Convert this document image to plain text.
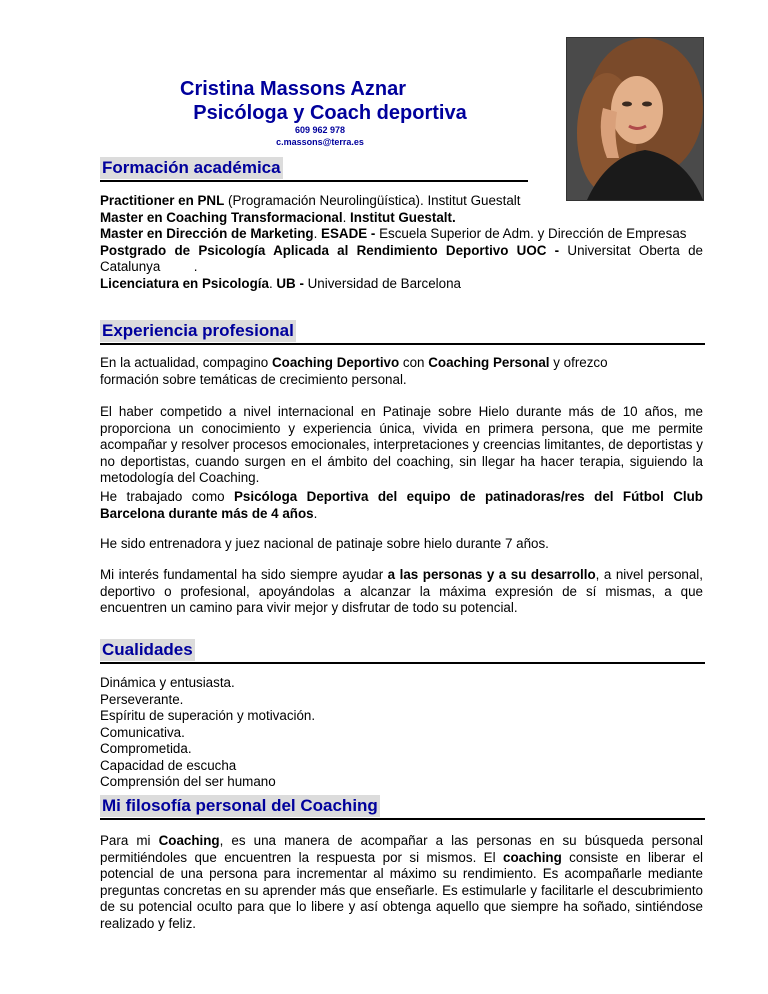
Cristina Massons Aznar
Psicóloga y Coach deportiva
609 962 978
c.massons@terra.es
Formación académica

Practitioner en PNL (Programación Neurolingüística). Institut Guestalt

Master en Coaching Transformacional. Institut Guestalt.

Master en Dirección de Marketing. ESADE - Escuela Superior de Adm. y Dirección de Empresas

Postgrado de Psicología Aplicada al Rendimiento Deportivo UOC - Universitat Oberta de Catalunya         .

Licenciatura en Psicología. UB - Universidad de Barcelona

Experiencia profesional

En la actualidad, compagino Coaching Deportivo con Coaching Personal y ofrezco formación sobre temáticas de crecimiento personal.

El haber competido a nivel internacional en Patinaje sobre Hielo durante más de 10 años, me proporciona un conocimiento y experiencia única, vivida en primera persona, que me permite acompañar y resolver procesos emocionales, interpretaciones y creencias limitantes, de deportistas y no deportistas, cuando surgen en el ámbito del coaching, sin llegar ha hacer terapia, siguiendo la metodología del Coaching.

He trabajado como Psicóloga Deportiva del equipo de patinadoras/res del Fútbol Club Barcelona durante más de 4 años.

He sido entrenadora y juez nacional de patinaje sobre hielo durante 7 años.

Mi interés fundamental ha sido siempre ayudar a las personas y a su desarrollo, a nivel personal, deportivo o profesional, apoyándolas a alcanzar la máxima expresión de sí mismas, a que encuentren un camino para vivir mejor y disfrutar de todo su potencial.

Cualidades

Dinámica y entusiasta.

Perseverante.

Espíritu de superación y motivación.

Comunicativa.

Comprometida.

Capacidad de escucha

Comprensión del ser humano

Mi filosofía personal del Coaching

Para mi Coaching, es una manera de acompañar a las personas en su búsqueda personal permitiéndoles que encuentren la respuesta por si mismos. El coaching consiste en liberar el potencial de una persona para incrementar al máximo su rendimiento. Es acompañarle mediante preguntas concretas en su aprender más que enseñarle. Es estimularle y facilitarle el descubrimiento de su potencial oculto para que lo libere y así obtenga aquello que siempre ha soñado, sintiéndose realizado y feliz.
